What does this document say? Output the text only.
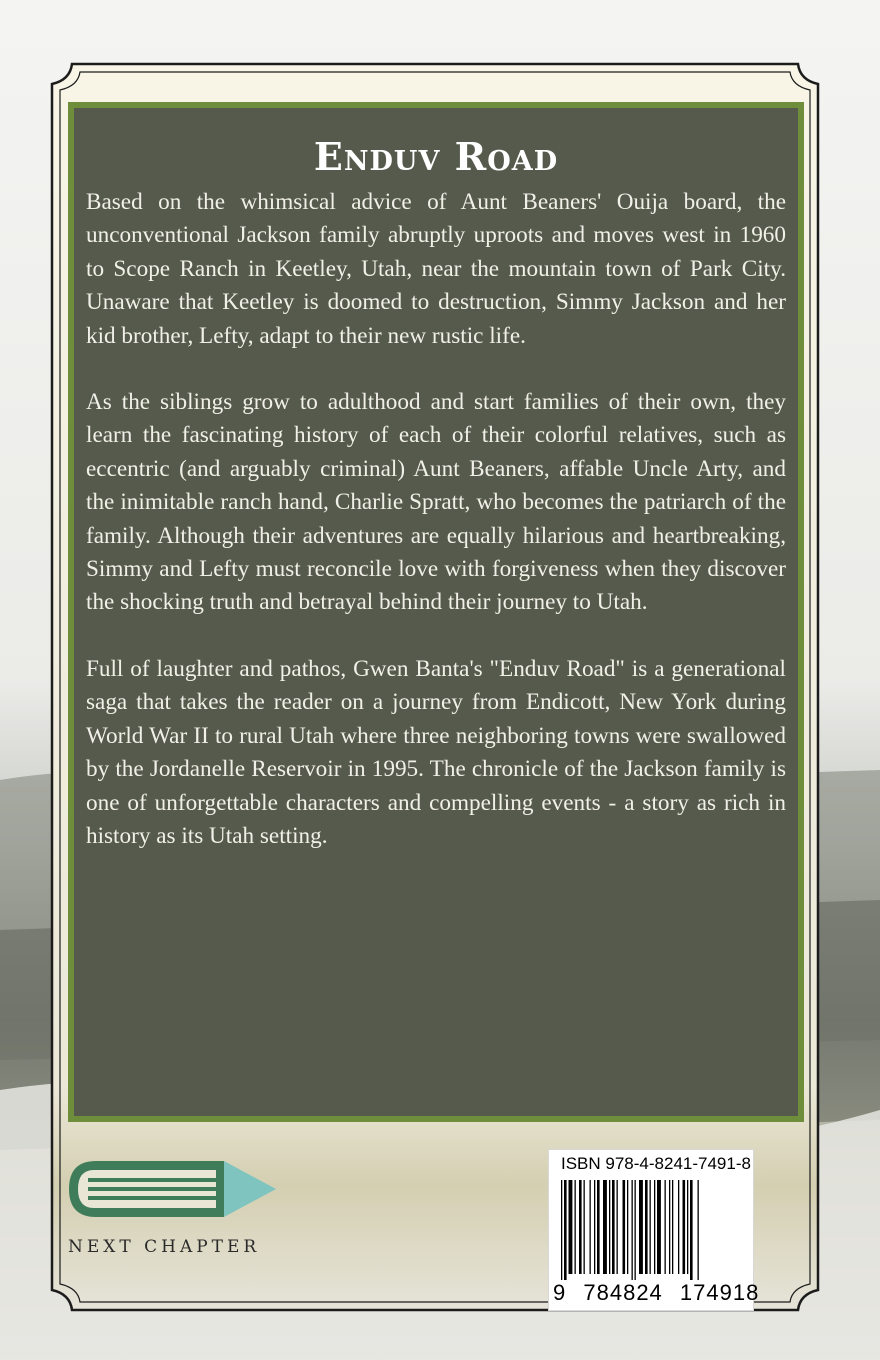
Enduv Road

Based on the whimsical advice of Aunt Beaners' Ouija board, the unconventional Jackson family abruptly uproots and moves west in 1960 to Scope Ranch in Keetley, Utah, near the mountain town of Park City. Unaware that Keetley is doomed to destruction, Simmy Jackson and her kid brother, Lefty, adapt to their new rustic life.

As the siblings grow to adulthood and start families of their own, they learn the fascinating history of each of their colorful relatives, such as eccentric (and arguably criminal) Aunt Beaners, affable Uncle Arty, and the inimitable ranch hand, Charlie Spratt, who becomes the patriarch of the family. Although their adventures are equally hilarious and heartbreaking, Simmy and Lefty must reconcile love with forgiveness when they discover the shocking truth and betrayal behind their journey to Utah.

Full of laughter and pathos, Gwen Banta's "Enduv Road" is a generational saga that takes the reader on a journey from Endicott, New York during World War II to rural Utah where three neighboring towns were swallowed by the Jordanelle Reservoir in 1995. The chronicle of the Jackson family is one of unforgettable characters and compelling events - a story as rich in history as its Utah setting.

NEXT CHAPTER
ISBN 978-4-8241-7491-8
9 784824 174918
